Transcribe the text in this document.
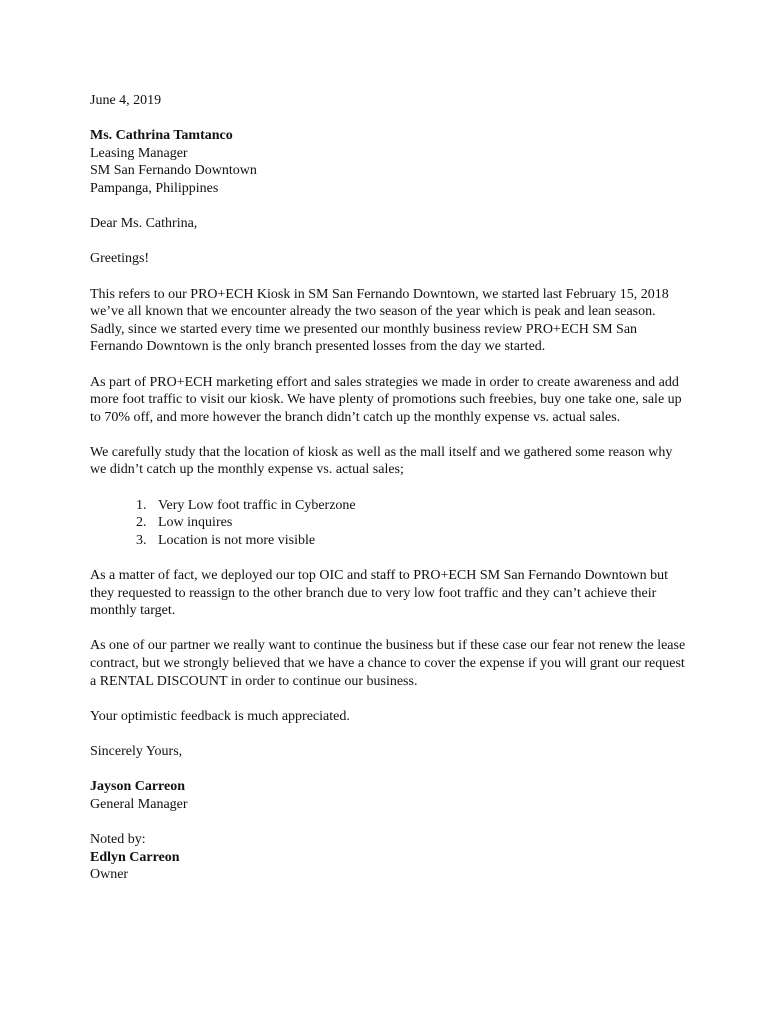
June 4, 2019

Ms. Cathrina Tamtanco

Leasing Manager

SM San Fernando Downtown

Pampanga, Philippines

Dear Ms. Cathrina,

Greetings!

This refers to our PRO+ECH Kiosk in SM San Fernando Downtown, we started last February 15, 2018

we’ve all known that we encounter already the two season of the year which is peak and lean season.

Sadly, since we started every time we presented our monthly business review PRO+ECH SM San

Fernando Downtown is the only branch presented losses from the day we started.

As part of PRO+ECH marketing effort and sales strategies we made in order to create awareness and add

more foot traffic to visit our kiosk. We have plenty of promotions such freebies, buy one take one, sale up

to 70% off, and more however the branch didn’t catch up the monthly expense vs. actual sales.

We carefully study that the location of kiosk as well as the mall itself and we gathered some reason why

we didn’t catch up the monthly expense vs. actual sales;

1. Very Low foot traffic in Cyberzone
2. Low inquires
3. Location is not more visible

As a matter of fact, we deployed our top OIC and staff to PRO+ECH SM San Fernando Downtown but

they requested to reassign to the other branch due to very low foot traffic and they can’t achieve their

monthly target.

As one of our partner we really want to continue the business but if these case our fear not renew the lease

contract, but we strongly believed that we have a chance to cover the expense if you will grant our request

a RENTAL DISCOUNT in order to continue our business.

Your optimistic feedback is much appreciated.

Sincerely Yours,

Jayson Carreon

General Manager

Noted by:

Edlyn Carreon

Owner
